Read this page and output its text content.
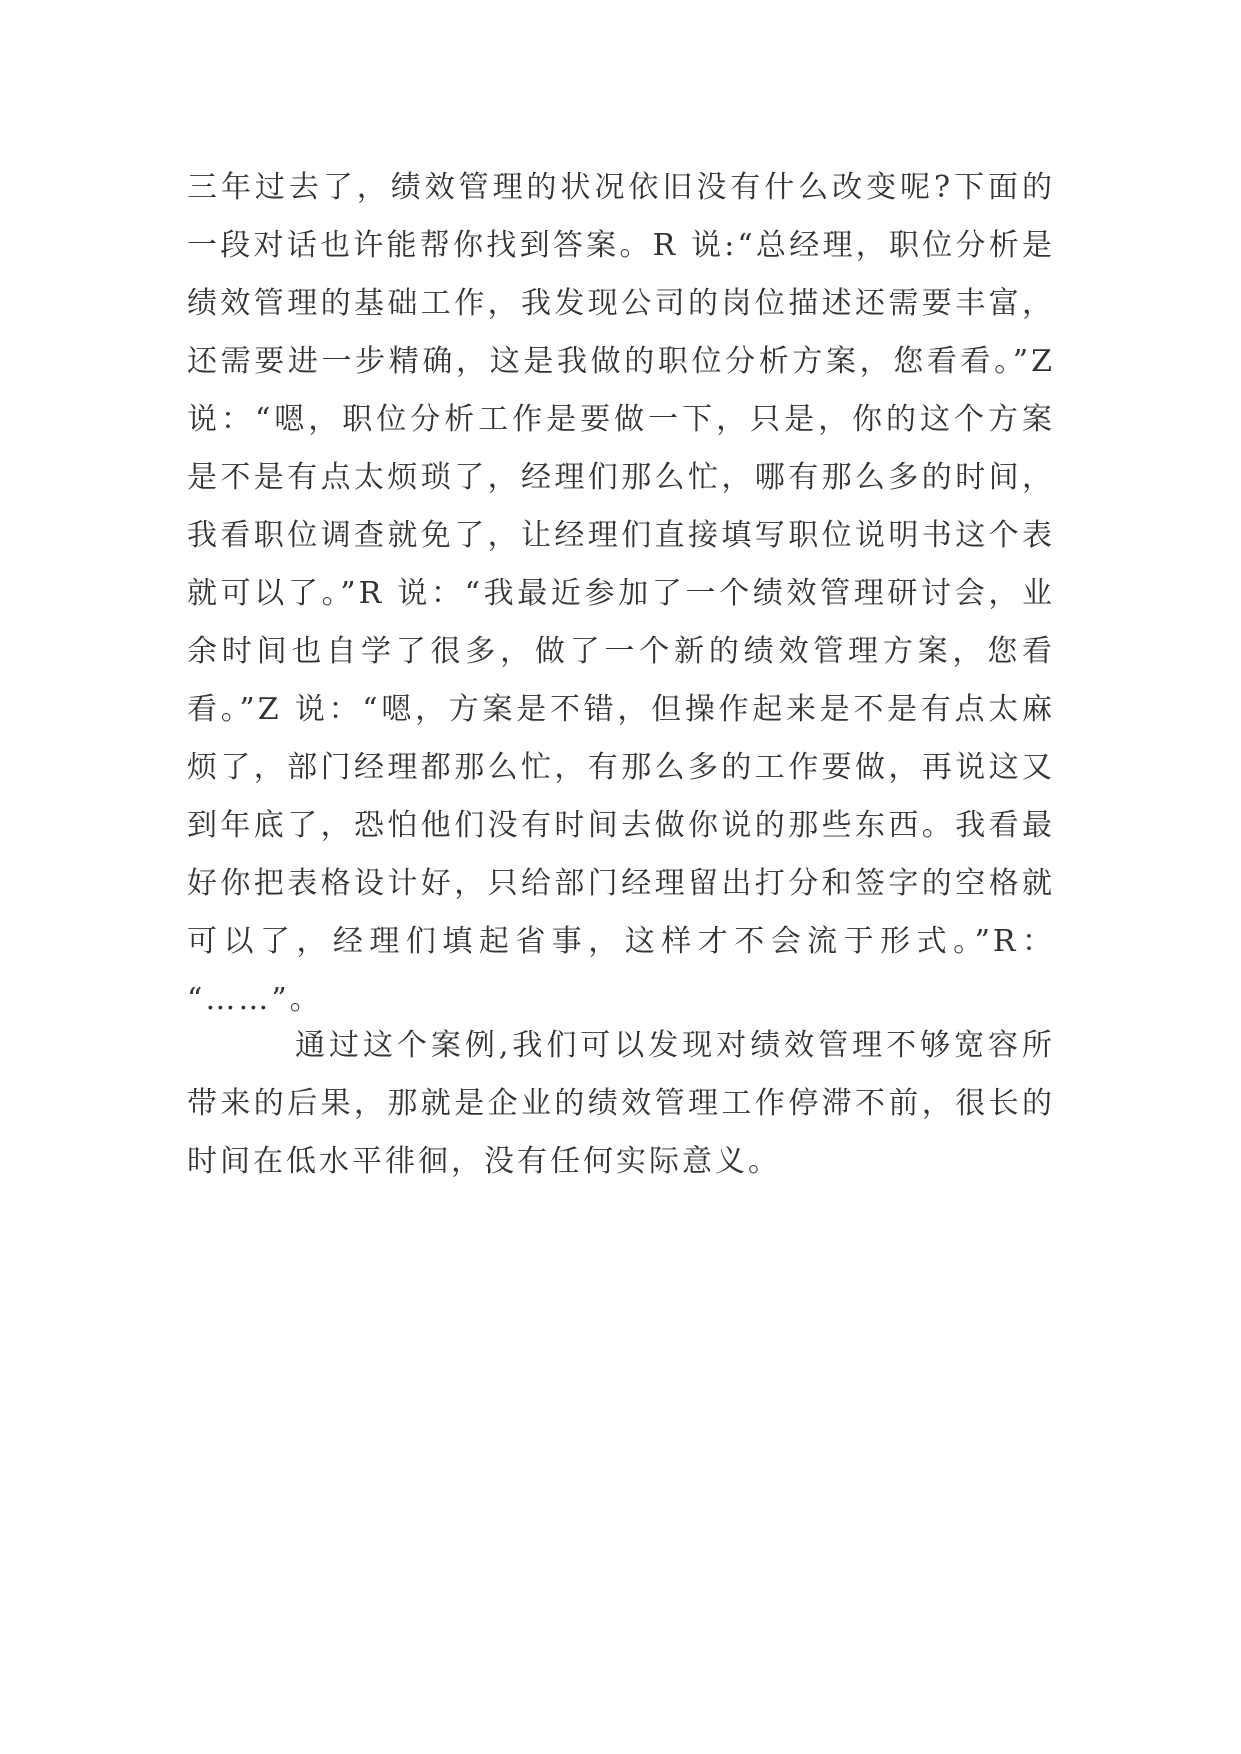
三年过去了，绩效管理的状况依旧没有什么改变呢?下面的
一段对话也许能帮你找到答案。R 说:“总经理，职位分析是
绩效管理的基础工作，我发现公司的岗位描述还需要丰富，
还需要进一步精确，这是我做的职位分析方案，您看看。”Z
说：“嗯，职位分析工作是要做一下，只是，你的这个方案
是不是有点太烦琐了，经理们那么忙，哪有那么多的时间，
我看职位调查就免了，让经理们直接填写职位说明书这个表
就可以了。”R 说：“我最近参加了一个绩效管理研讨会，业
余时间也自学了很多，做了一个新的绩效管理方案，您看
看。”Z 说：“嗯，方案是不错，但操作起来是不是有点太麻
烦了，部门经理都那么忙，有那么多的工作要做，再说这又
到年底了，恐怕他们没有时间去做你说的那些东西。我看最
好你把表格设计好，只给部门经理留出打分和签字的空格就
可以了，经理们填起省事，这样才不会流于形式。”R：
“……”。
通过这个案例,我们可以发现对绩效管理不够宽容所
带来的后果，那就是企业的绩效管理工作停滞不前，很长的
时间在低水平徘徊，没有任何实际意义。
